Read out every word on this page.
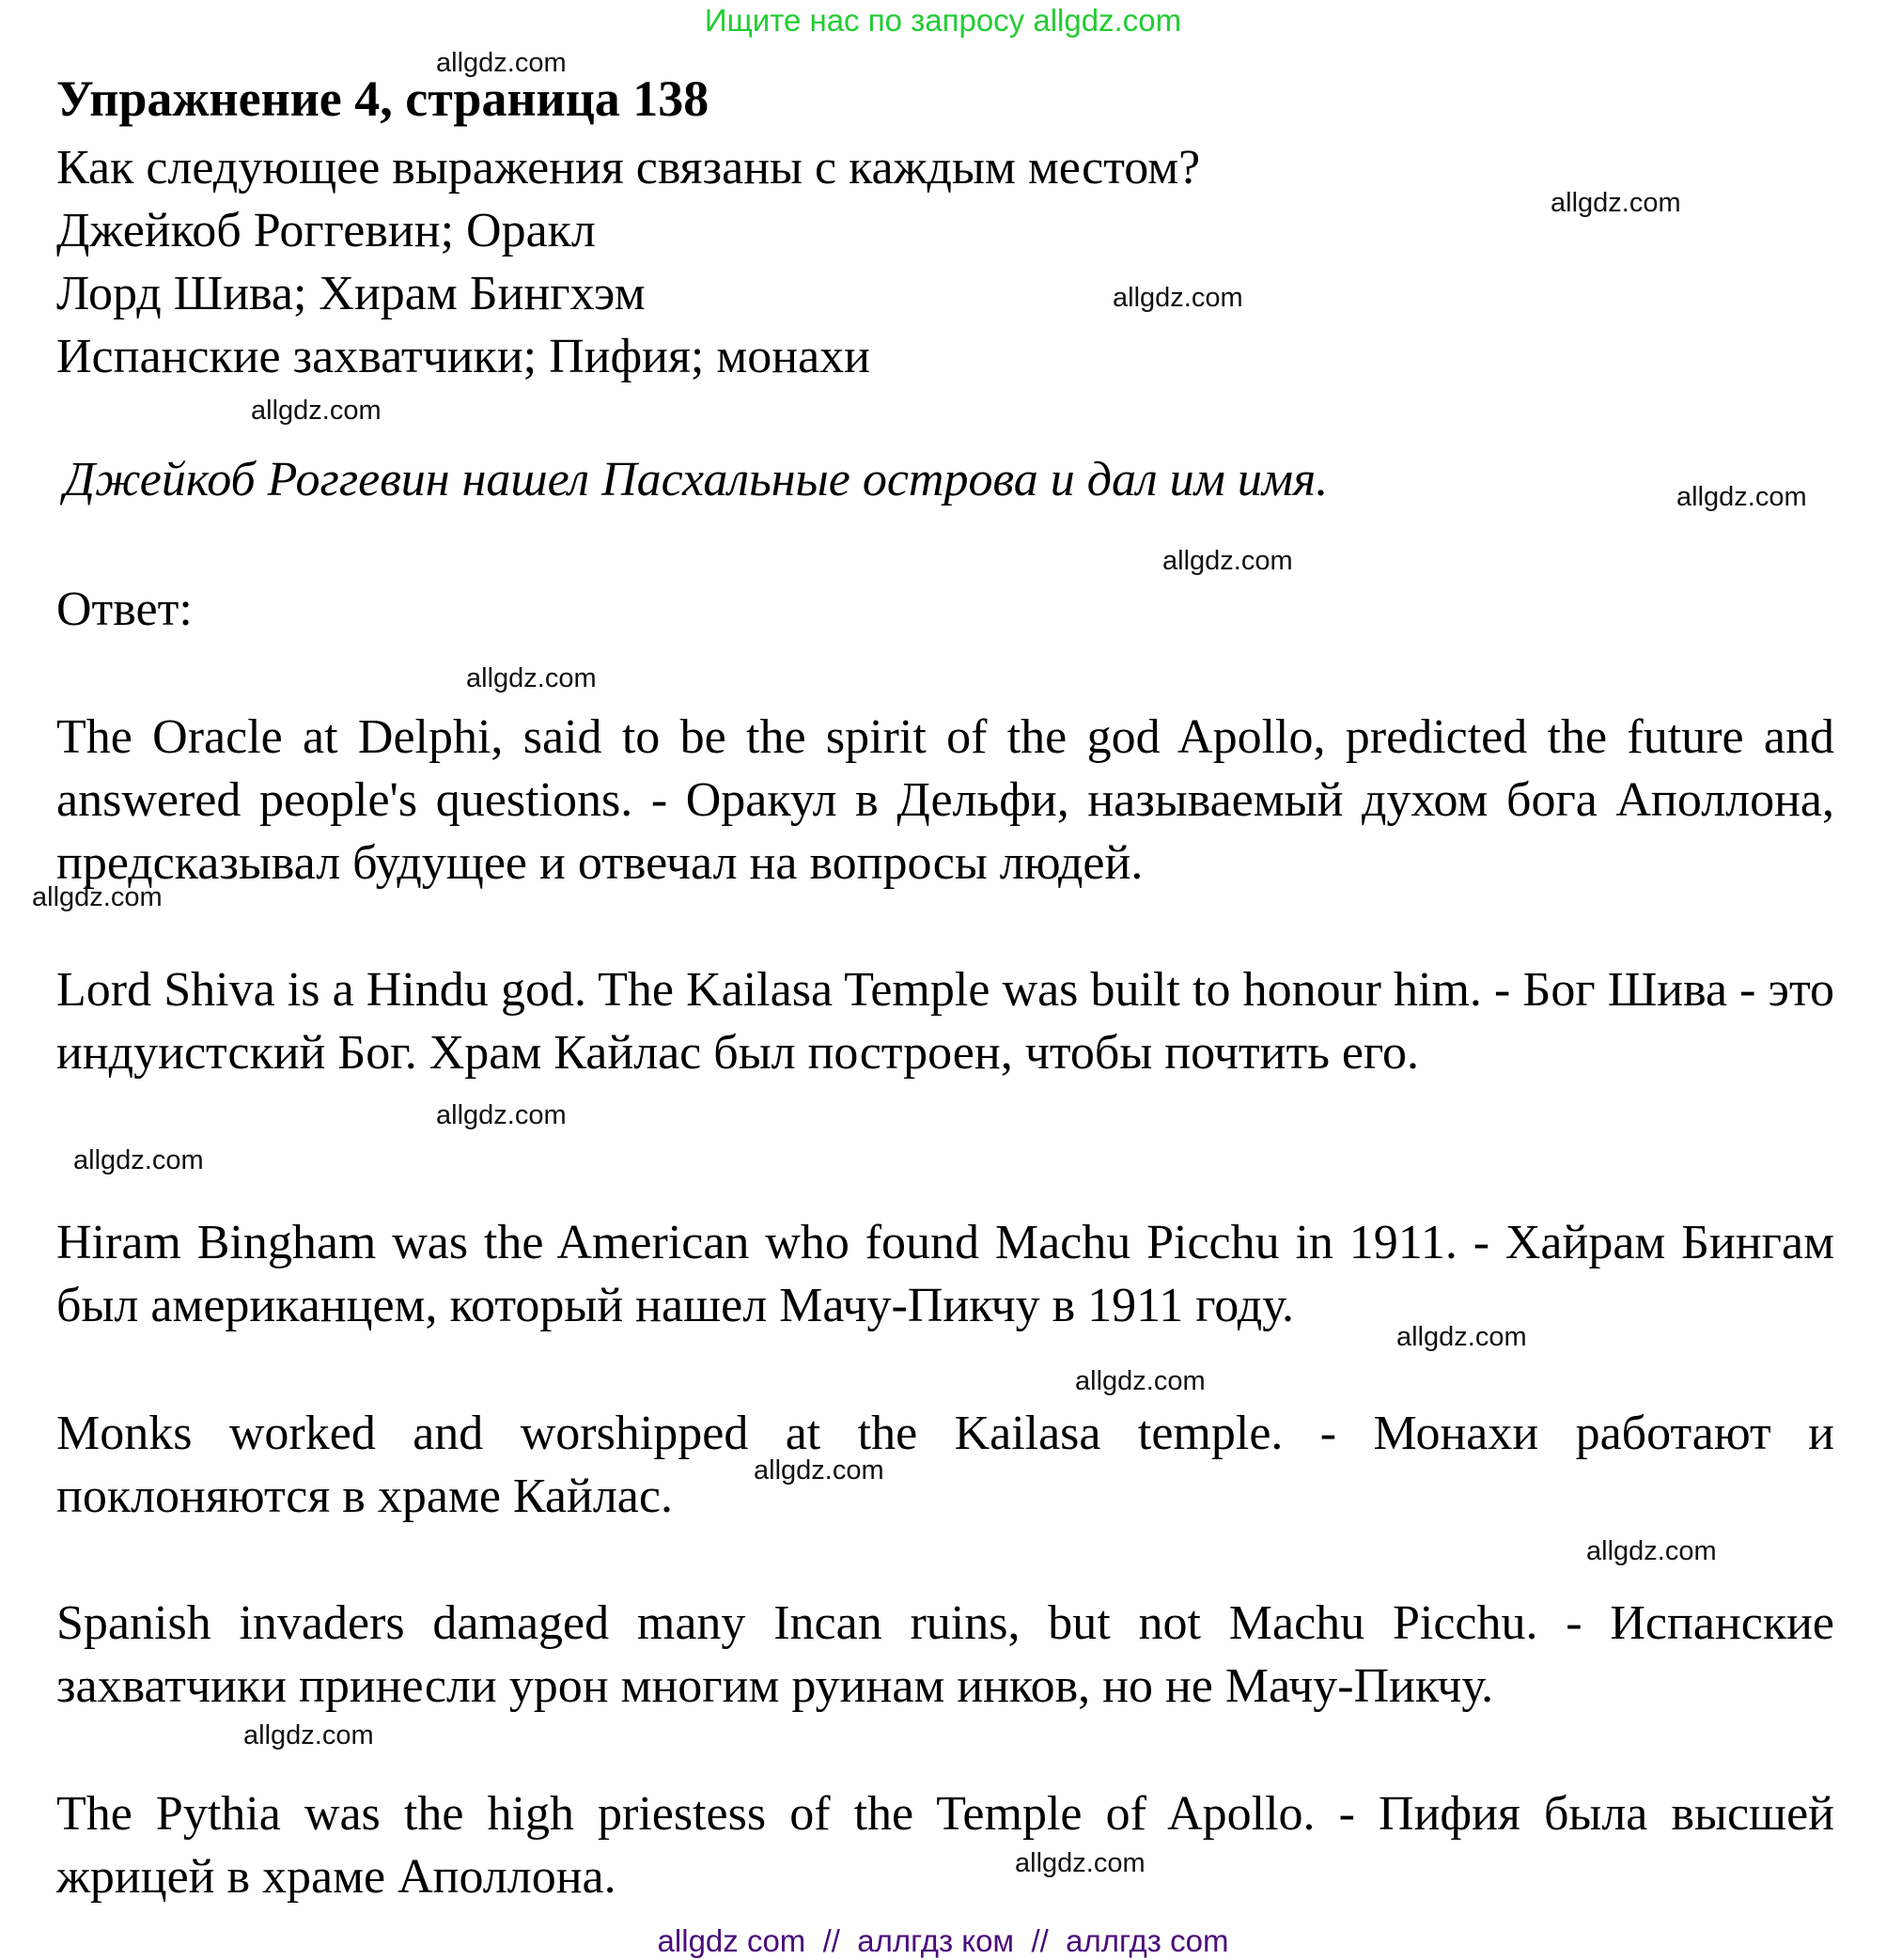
Ищите нас по запросу allgdz.com
Упражнение 4, страница 138
Как следующее выражения связаны с каждым местом?
Джейкоб Роггевин; Оракл
Лорд Шива; Хирам Бингхэм
Испанские захватчики; Пифия; монахи
Джейкоб Роггевин нашел Пасхальные острова и дал им имя.
Ответ:
The Oracle at Delphi, said to be the spirit of the god Apollo, predicted the future and answered people's questions. - Оракул в Дельфи, называемый духом бога Аполлона, предсказывал будущее и отвечал на вопросы людей.
Lord Shiva is a Hindu god. The Kailasa Temple was built to honour him. - Бог Шива - это индуистский Бог. Храм Кайлас был построен, чтобы почтить его.
Hiram Bingham was the American who found Machu Picchu in 1911. - Хайрам Бингам был американцем, который нашел Мачу-Пикчу в 1911 году.
Monks worked and worshipped at the Kailasa temple. - Монахи работают и поклоняются в храме Кайлас.
Spanish invaders damaged many Incan ruins, but not Machu Picchu. - Испанские захватчики принесли урон многим руинам инков, но не Мачу-Пикчу.
The Pythia was the high priestess of the Temple of Apollo. - Пифия была высшей жрицей в храме Аполлона.
allgdz.com
allgdz.com
allgdz.com
allgdz.com
allgdz.com
allgdz.com
allgdz.com
allgdz.com
allgdz.com
allgdz.com
allgdz.com
allgdz.com
allgdz.com
allgdz.com
allgdz.com
allgdz.com
allgdz com  //  аллгдз ком  //  аллгдз com
